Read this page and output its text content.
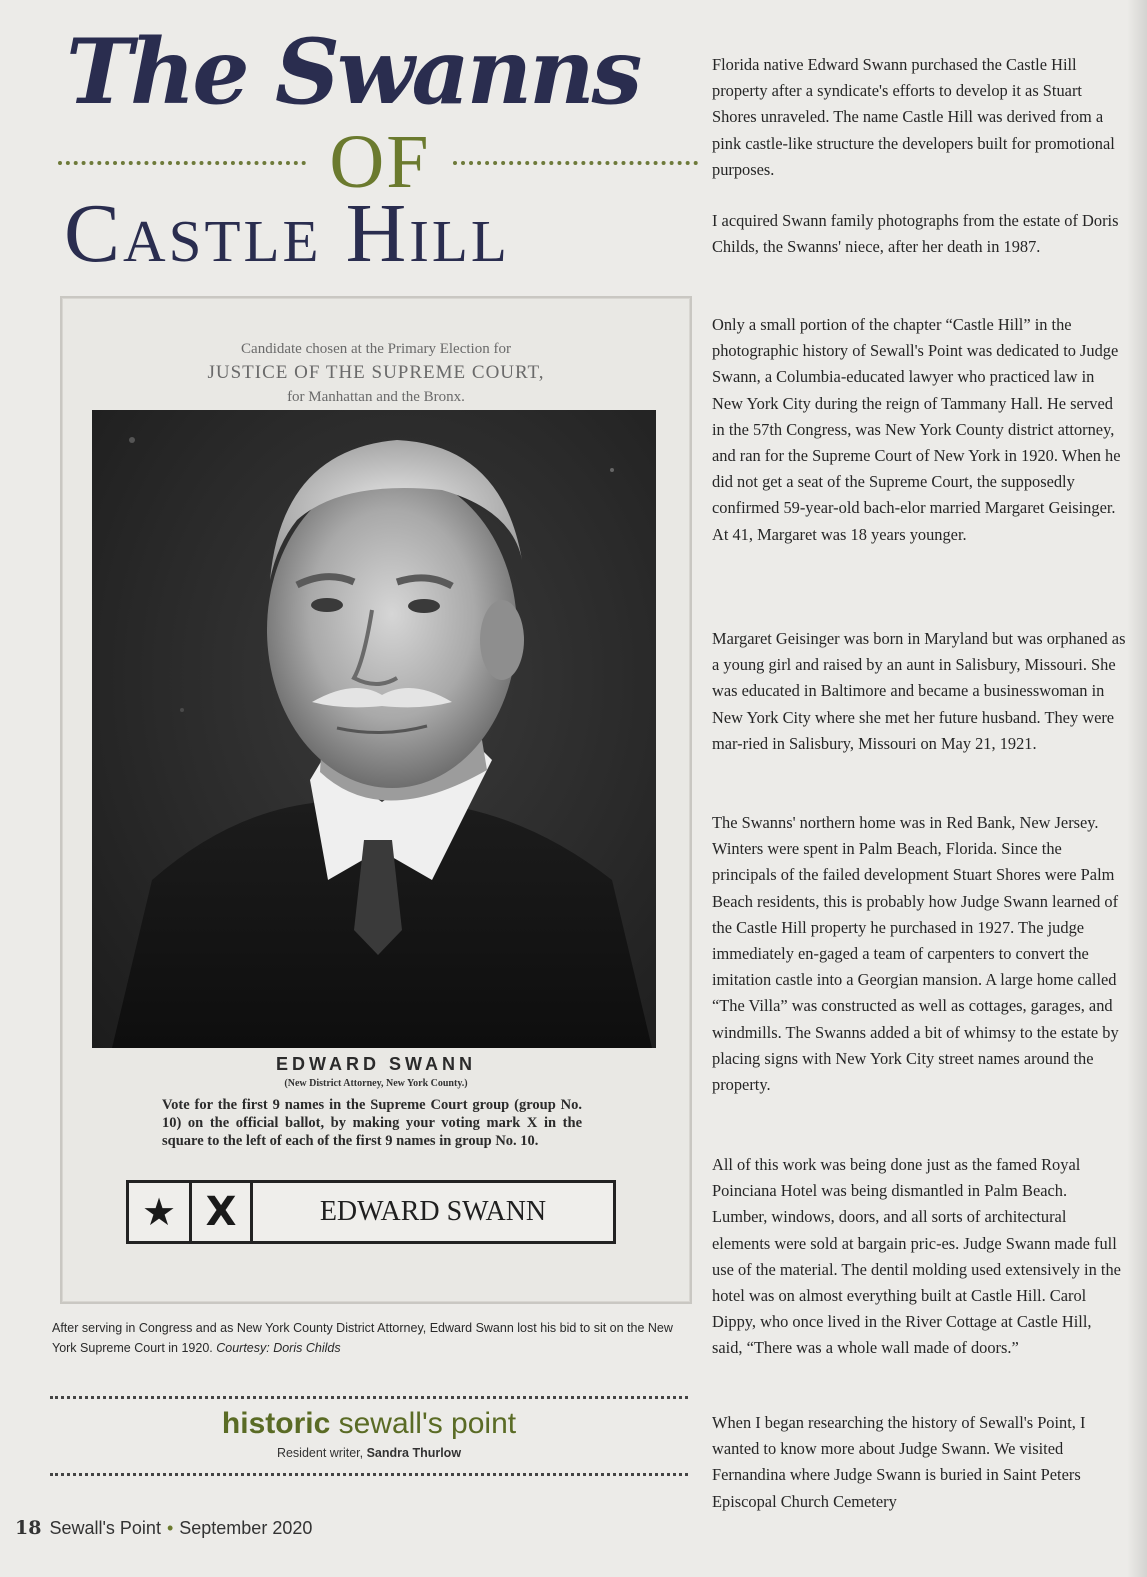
The Swanns
OF
Castle Hill
Candidate chosen at the Primary Election for
JUSTICE OF THE SUPREME COURT,
for Manhattan and the Bronx.
EDWARD SWANN
(New District Attorney, New York County.)
Vote for the first 9 names in the Supreme Court group (group No. 10) on the official ballot, by making your voting mark X in the square to the left of each of the first 9 names in group No. 10.
★ X	EDWARD SWANN
After serving in Congress and as New York County District Attorney, Edward Swann lost his bid to sit on the New York Supreme Court in 1920. Courtesy: Doris Childs
historic sewall's point
Resident writer, Sandra Thurlow
18 Sewall's Point • September 2020

Florida native Edward Swann purchased the Castle Hill property after a syndicate's efforts to develop it as Stuart Shores unraveled. The name Castle Hill was derived from a pink castle-like structure the developers built for promotional purposes.

I acquired Swann family photographs from the estate of Doris Childs, the Swanns' niece, after her death in 1987.

Only a small portion of the chapter “Castle Hill” in the photographic history of Sewall's Point was dedicated to Judge Swann, a Columbia-educated lawyer who practiced law in New York City during the reign of Tammany Hall. He served in the 57th Congress, was New York County district attorney, and ran for the Supreme Court of New York in 1920. When he did not get a seat of the Supreme Court, the supposedly confirmed 59-year-old bach-elor married Margaret Geisinger. At 41, Margaret was 18 years younger.

Margaret Geisinger was born in Maryland but was orphaned as a young girl and raised by an aunt in Salisbury, Missouri. She was educated in Baltimore and became a businesswoman in New York City where she met her future husband. They were mar-ried in Salisbury, Missouri on May 21, 1921.

The Swanns' northern home was in Red Bank, New Jersey. Winters were spent in Palm Beach, Florida. Since the principals of the failed development Stuart Shores were Palm Beach residents, this is probably how Judge Swann learned of the Castle Hill property he purchased in 1927. The judge immediately en-gaged a team of carpenters to convert the imitation castle into a Georgian mansion. A large home called “The Villa” was constructed as well as cottages, garages, and windmills. The Swanns added a bit of whimsy to the estate by placing signs with New York City street names around the property.

All of this work was being done just as the famed Royal Poinciana Hotel was being dismantled in Palm Beach. Lumber, windows, doors, and all sorts of architectural elements were sold at bargain pric-es. Judge Swann made full use of the material. The dentil molding used extensively in the hotel was on almost everything built at Castle Hill. Carol Dippy, who once lived in the River Cottage at Castle Hill, said, “There was a whole wall made of doors.”

When I began researching the history of Sewall's Point, I wanted to know more about Judge Swann. We visited Fernandina where Judge Swann is buried in Saint Peters Episcopal Church Cemetery
